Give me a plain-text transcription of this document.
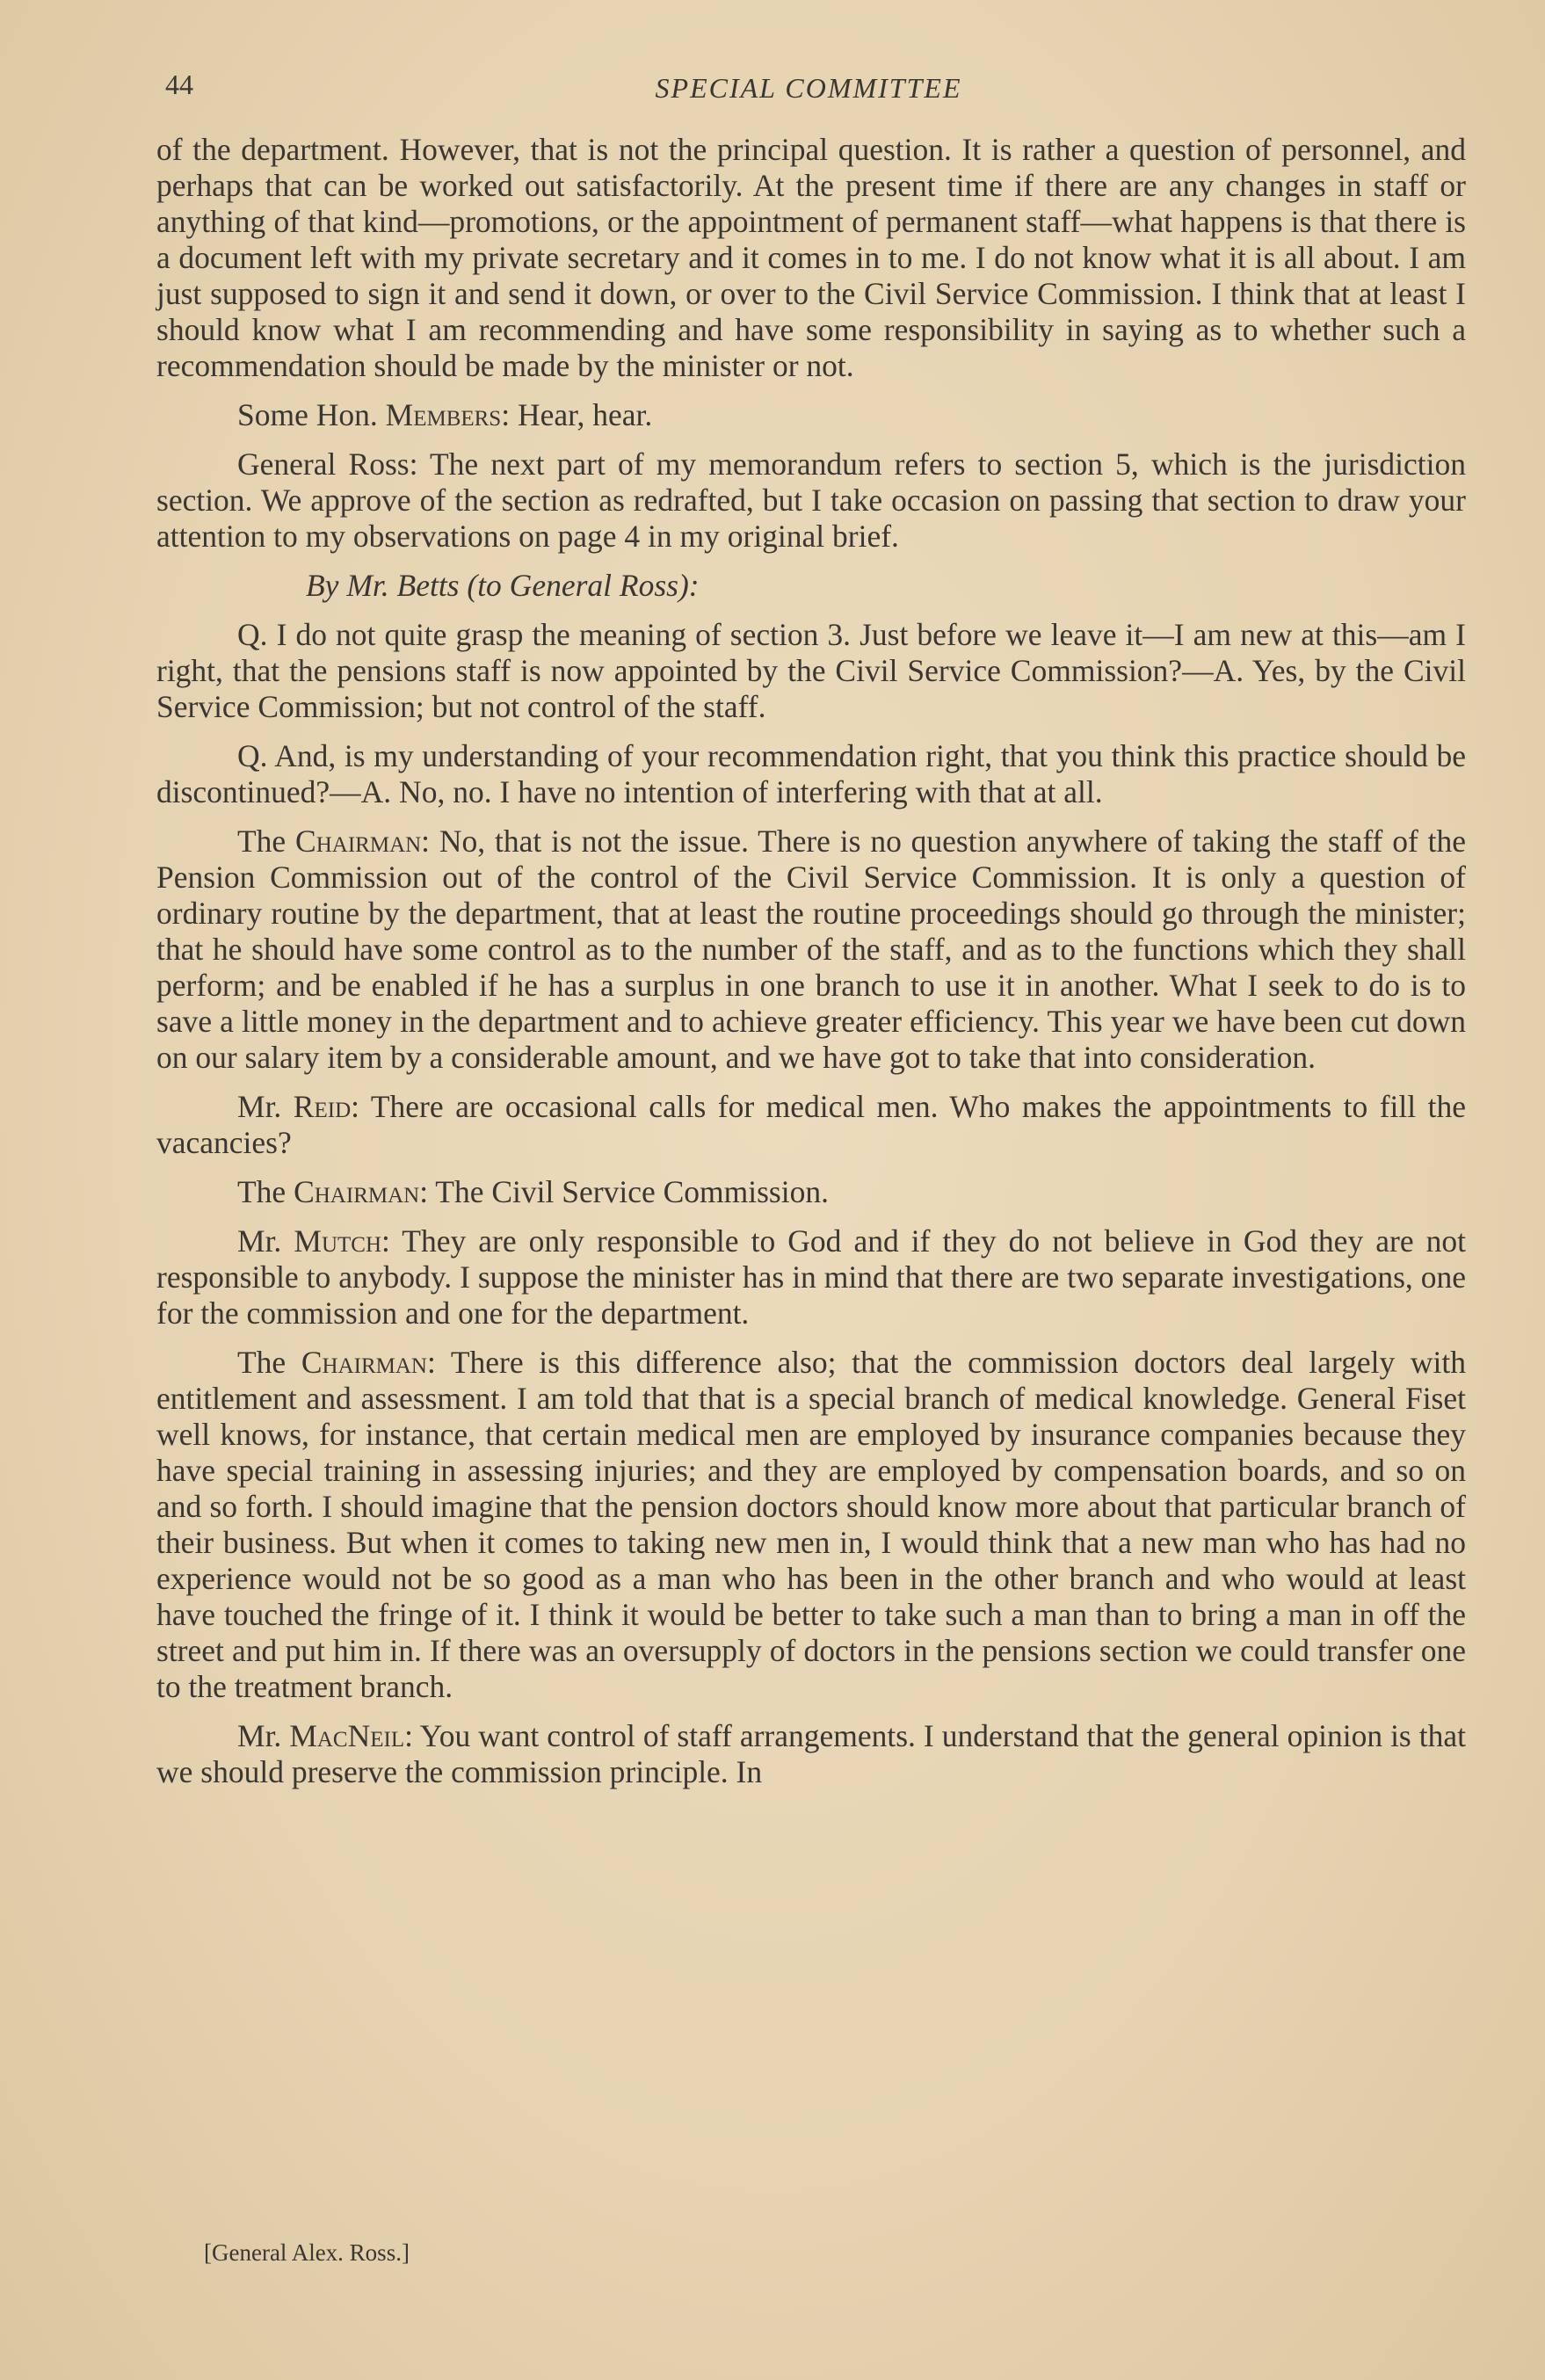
44	SPECIAL COMMITTEE

of the department. However, that is not the principal question. It is rather a question of personnel, and perhaps that can be worked out satisfactorily. At the present time if there are any changes in staff or anything of that kind—promotions, or the appointment of permanent staff—what happens is that there is a document left with my private secretary and it comes in to me. I do not know what it is all about. I am just supposed to sign it and send it down, or over to the Civil Service Commission. I think that at least I should know what I am recommending and have some responsibility in saying as to whether such a recommendation should be made by the minister or not.

Some Hon. Members: Hear, hear.

General Ross: The next part of my memorandum refers to section 5, which is the jurisdiction section. We approve of the section as redrafted, but I take occasion on passing that section to draw your attention to my observations on page 4 in my original brief.

By Mr. Betts (to General Ross):

Q. I do not quite grasp the meaning of section 3. Just before we leave it—I am new at this—am I right, that the pensions staff is now appointed by the Civil Service Commission?—A. Yes, by the Civil Service Commission; but not control of the staff.

Q. And, is my understanding of your recommendation right, that you think this practice should be discontinued?—A. No, no. I have no intention of interfering with that at all.

The Chairman: No, that is not the issue. There is no question anywhere of taking the staff of the Pension Commission out of the control of the Civil Service Commission. It is only a question of ordinary routine by the department, that at least the routine proceedings should go through the minister; that he should have some control as to the number of the staff, and as to the functions which they shall perform; and be enabled if he has a surplus in one branch to use it in another. What I seek to do is to save a little money in the department and to achieve greater efficiency. This year we have been cut down on our salary item by a considerable amount, and we have got to take that into consideration.

Mr. Reid: There are occasional calls for medical men. Who makes the appointments to fill the vacancies?

The Chairman: The Civil Service Commission.

Mr. Mutch: They are only responsible to God and if they do not believe in God they are not responsible to anybody. I suppose the minister has in mind that there are two separate investigations, one for the commission and one for the department.

The Chairman: There is this difference also; that the commission doctors deal largely with entitlement and assessment. I am told that that is a special branch of medical knowledge. General Fiset well knows, for instance, that certain medical men are employed by insurance companies because they have special training in assessing injuries; and they are employed by compensation boards, and so on and so forth. I should imagine that the pension doctors should know more about that particular branch of their business. But when it comes to taking new men in, I would think that a new man who has had no experience would not be so good as a man who has been in the other branch and who would at least have touched the fringe of it. I think it would be better to take such a man than to bring a man in off the street and put him in. If there was an oversupply of doctors in the pensions section we could transfer one to the treatment branch.

Mr. MacNeil: You want control of staff arrangements. I understand that the general opinion is that we should preserve the commission principle. In

[General Alex. Ross.]
